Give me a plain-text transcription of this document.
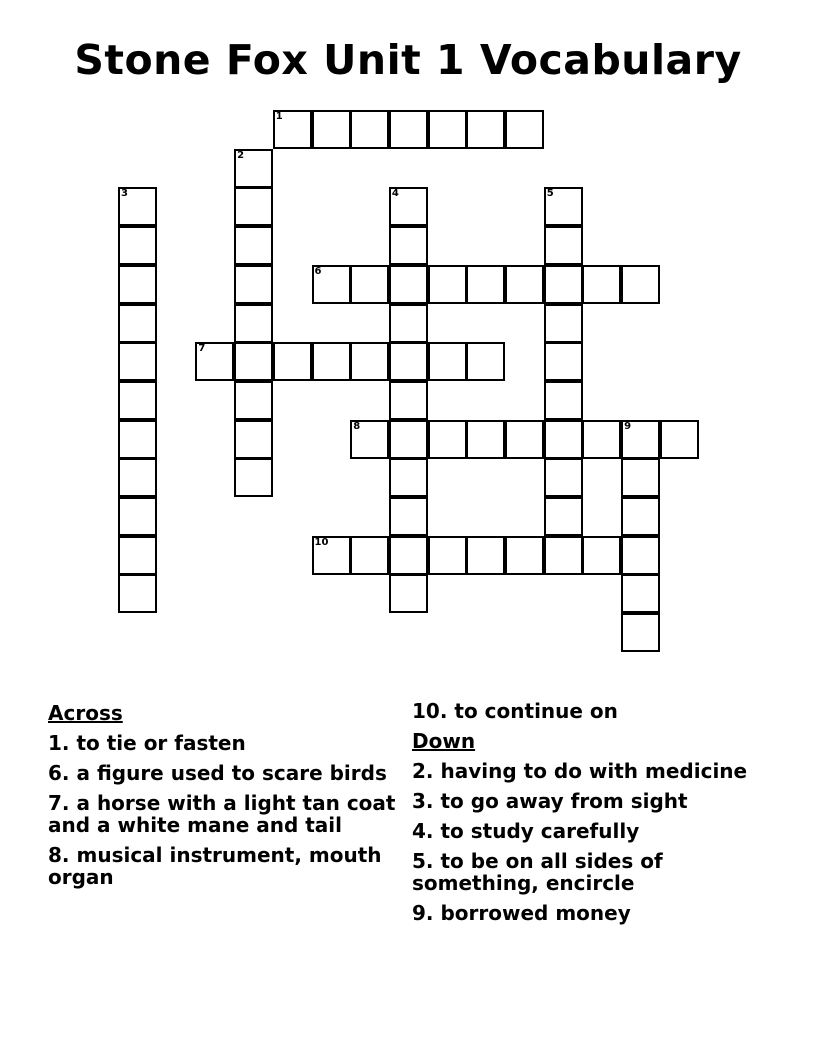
Stone Fox Unit 1 Vocabulary
1
2
3	4	5
6
7
8	9
10
Across
1. to tie or fasten
6. a figure used to scare birds
7. a horse with a light tan coat and a white mane and tail
8. musical instrument, mouth organ
10. to continue on
Down
2. having to do with medicine
3. to go away from sight
4. to study carefully
5. to be on all sides of something, encircle
9. borrowed money
